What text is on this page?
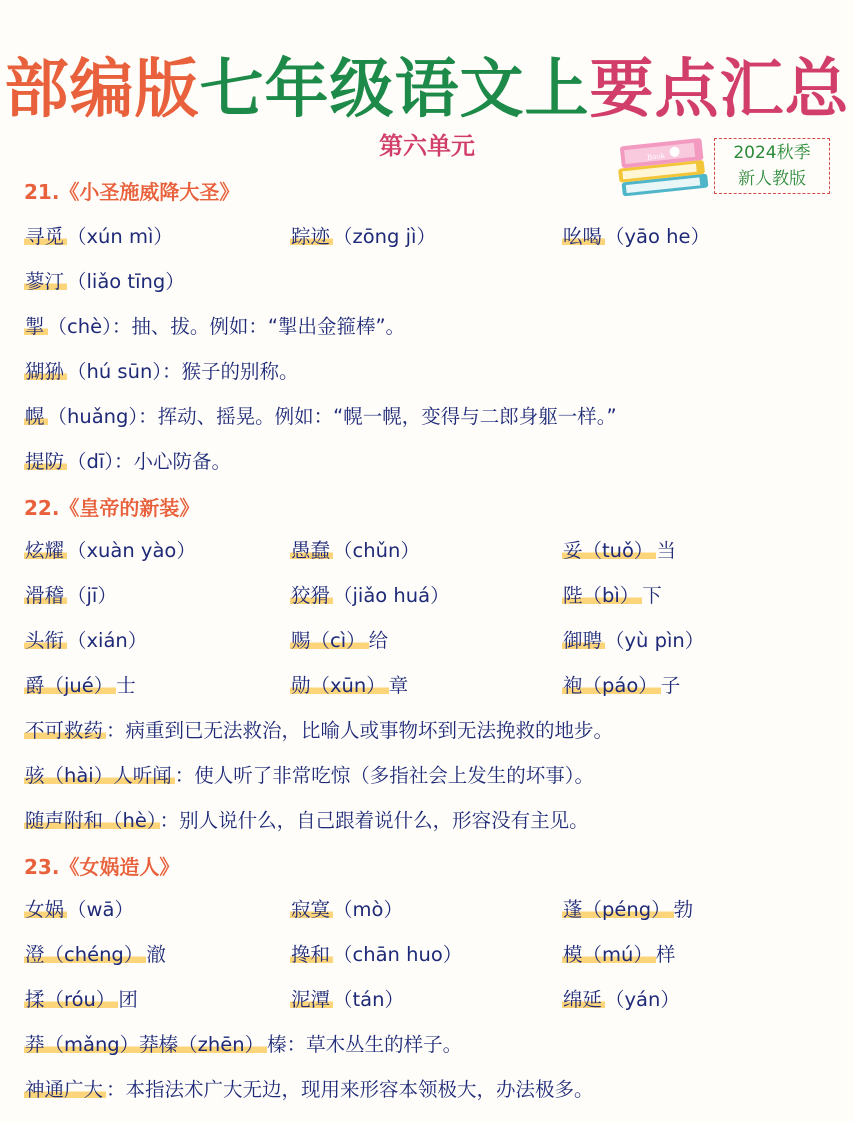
部编版七年级语文上要点汇总
第六单元	Book	2024秋季
新人教版
21.《小圣施威降大圣》
寻觅 （xún mì）	踪迹 （zōng jì）	吆喝 （yāo he）
蓼汀 （liǎo tīng）
掣 （chè）：抽、拔。例如：“掣出金箍棒”。
猢狲 （hú sūn）：猴子的别称。
幌 （huǎng）：挥动、摇晃。例如：“幌一幌，变得与二郎身躯一样。”
提防 （dī）：小心防备。
22.《皇帝的新装》
炫耀 （xuàn yào）	愚蠢 （chǔn）	妥（tuǒ） 当
滑稽 （jī）	狡猾 （jiǎo huá）	陛（bì） 下
头衔 （xián）	赐（cì） 给	御聘 （yù pìn）
爵（jué） 士	勋（xūn） 章	袍（páo） 子
不可救药 ：病重到已无法救治，比喻人或事物坏到无法挽救的地步。
骇（hài）人听闻 ：使人听了非常吃惊（多指社会上发生的坏事）。
随声附和（hè） ：别人说什么，自己跟着说什么，形容没有主见。
23.《女娲造人》
女娲 （wā）	寂寞 （mò）	蓬（péng） 勃
澄（chéng） 澈	搀和 （chān huo）	模（mú） 样
揉（róu） 团	泥潭 （tán）	绵延 （yán）
莽（mǎng）莽榛（zhēn） 榛：草木丛生的样子。
神通广大 ：本指法术广大无边，现用来形容本领极大，办法极多。
